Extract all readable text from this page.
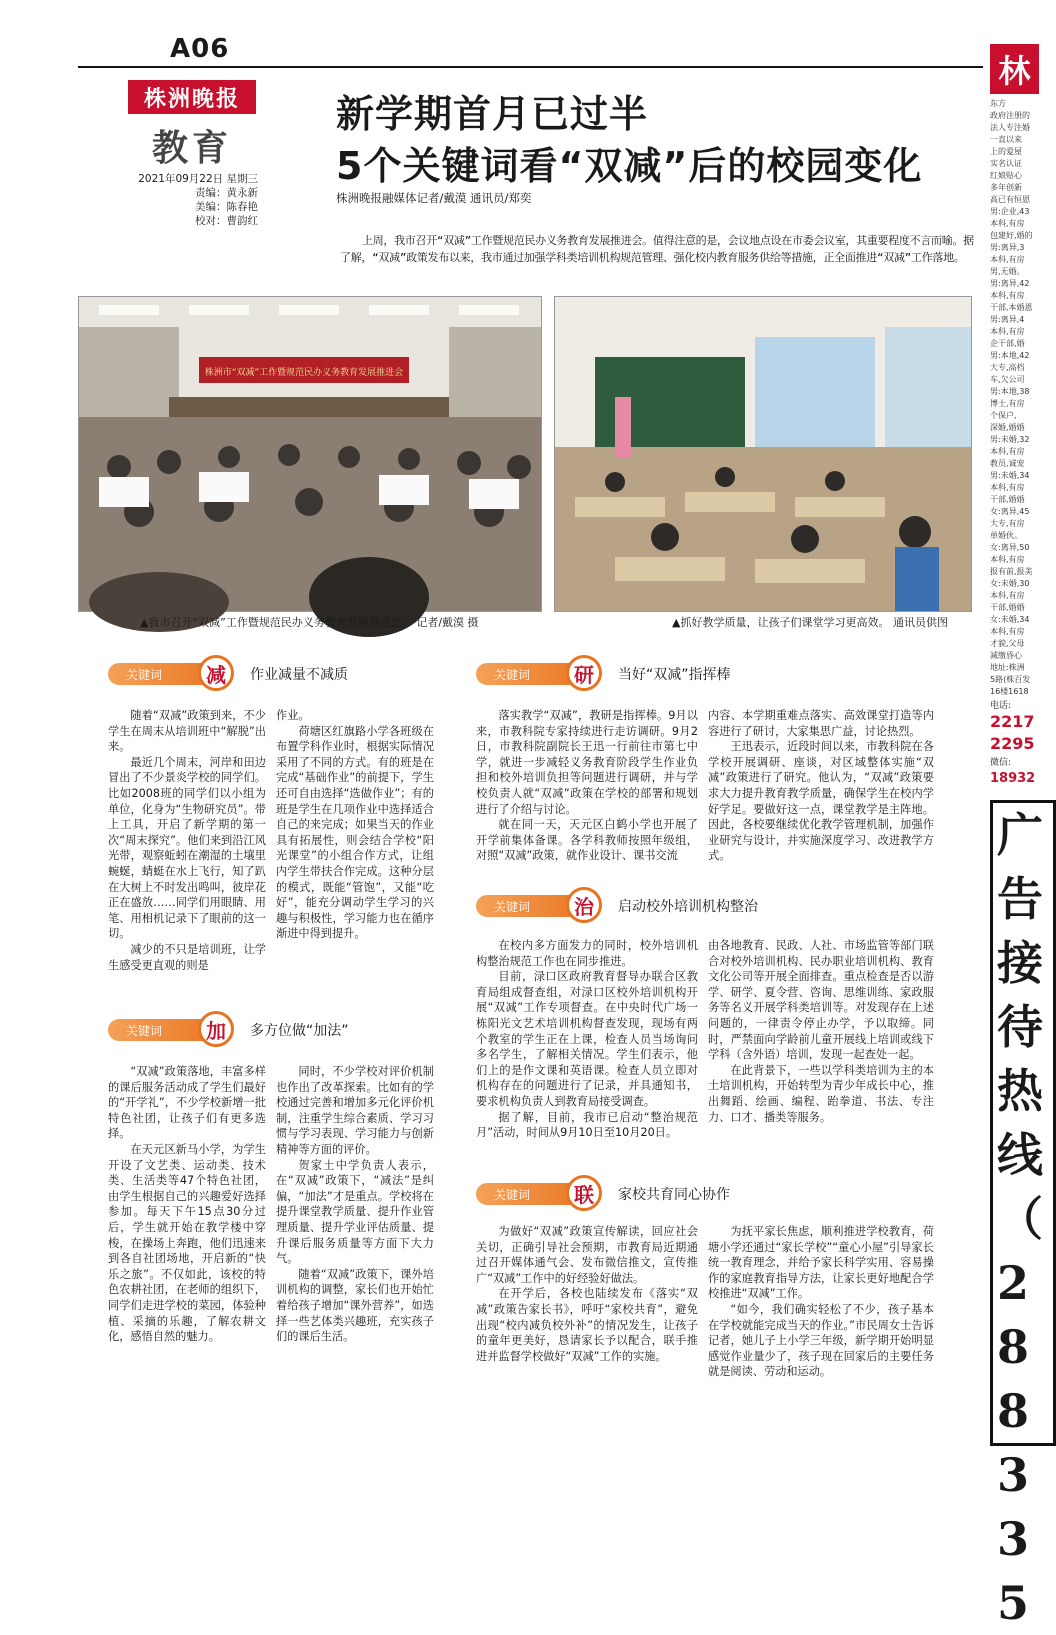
A06
株洲晚报
教育
2021年09月22日 星期三
责编：黄永新
美编：陈春艳
校对：曹韵红
新学期首月已过半
5个关键词看“双减”后的校园变化
株洲晚报融媒体记者/戴漠 通讯员/郑奕
上周，我市召开“双减”工作暨规范民办义务教育发展推进会。值得注意的是，会议地点设在市委会议室，其重要程度不言而喻。据了解，“双减”政策发布以来，我市通过加强学科类培训机构规范管理、强化校内教育服务供给等措施，正全面推进“双减”工作落地。
株洲市“双减”工作暨规范民办义务教育发展推进会
▲我市召开“双减”工作暨规范民办义务教育发展推进会。 记者/戴漠 摄	▲抓好教学质量，让孩子们课堂学习更高效。 通讯员供图
关键词	减	作业减量不减质

随着“双减”政策到来，不少学生在周末从培训班中“解脱”出来。

最近几个周末，河岸和田边冒出了不少景炎学校的同学们。比如2008班的同学们以小组为单位，化身为“生物研究员”。带上工具，开启了新学期的第一次“周末探究”。他们来到沿江风光带，观察蚯蚓在潮湿的土壤里蜿蜒，蜻蜓在水上飞行，知了趴在大树上不时发出鸣叫，彼岸花正在盛放……同学们用眼睛、用笔、用相机记录下了眼前的这一切。

减少的不只是培训班，让学生感受更直观的则是

作业。

荷塘区红旗路小学各班级在布置学科作业时，根据实际情况采用了不同的方式。有的班是在完成“基础作业”的前提下，学生还可自由选择“选做作业”；有的班是学生在几项作业中选择适合自己的来完成；如果当天的作业具有拓展性，则会结合学校“阳光课堂”的小组合作方式，让组内学生带扶合作完成。这种分层的模式，既能“管饱”，又能“吃好”，能充分调动学生学习的兴趣与积极性，学习能力也在循序渐进中得到提升。

关键词	加	多方位做“加法”

“双减”政策落地，丰富多样的课后服务活动成了学生们最好的“开学礼”，不少学校新增一批特色社团，让孩子们有更多选择。

在天元区新马小学，为学生开设了文艺类、运动类、技术类、生活类等47个特色社团，由学生根据自己的兴趣爱好选择参加。每天下午15点30分过后，学生就开始在教学楼中穿梭，在操场上奔跑，他们迅速来到各自社团场地，开启新的“快乐之旅”。不仅如此，该校的特色农耕社团，在老师的组织下，同学们走进学校的菜园，体验种植、采摘的乐趣，了解农耕文化，感悟自然的魅力。

同时，不少学校对评价机制也作出了改革探索。比如有的学校通过完善和增加多元化评价机制，注重学生综合素质、学习习惯与学习表现、学习能力与创新精神等方面的评价。

贺家土中学负责人表示，在“双减”政策下，“减法”是纠偏，“加法”才是重点。学校将在提升课堂教学质量、提升作业管理质量、提升学业评估质量、提升课后服务质量等方面下大力气。

随着“双减”政策下，课外培训机构的调整，家长们也开始忙着给孩子增加“课外营养”，如选择一些艺体类兴趣班，充实孩子们的课后生活。

关键词	研	当好“双减”指挥棒

落实教学“双减”，教研是指挥棒。9月以来，市教科院专家持续进行走访调研。9月2日，市教科院副院长王迅一行前往市第七中学，就进一步减轻义务教育阶段学生作业负担和校外培训负担等问题进行调研，并与学校负责人就“双减”政策在学校的部署和规划进行了介绍与讨论。

就在同一天，天元区白鹤小学也开展了开学前集体备课。各学科教师按照年级组，对照“双减”政策，就作业设计、课书交流

内容、本学期重难点落实、高效课堂打造等内容进行了研讨，大家集思广益，讨论热烈。

王迅表示，近段时间以来，市教科院在各学校开展调研、座谈，对区域整体实施“双减”政策进行了研究。他认为，“双减”政策要求大力提升教育教学质量，确保学生在校内学好学足。要做好这一点，课堂教学是主阵地。因此，各校要继续优化教学管理机制，加强作业研究与设计，并实施深度学习、改进教学方式。

关键词	治	启动校外培训机构整治

在校内多方面发力的同时，校外培训机构整治规范工作也在同步推进。

目前，渌口区政府教育督导办联合区教育局组成督查组，对渌口区校外培训机构开展“双减”工作专项督查。在中央时代广场一栋阳光文艺术培训机构督查发现，现场有两个教室的学生正在上课，检查人员当场询问多名学生，了解相关情况。学生们表示，他们上的是作文课和英语课。检查人员立即对机构存在的问题进行了记录，并具通知书，要求机构负责人到教育局接受调查。

据了解，目前，我市已启动“整治规范月”活动，时间从9月10日至10月20日。

由各地教育、民政、人社、市场监管等部门联合对校外培训机构、民办职业培训机构、教育文化公司等开展全面排查。重点检查是否以游学、研学、夏令营、咨询、思维训练、家政服务等名义开展学科类培训等。对发现存在上述问题的，一律责令停止办学，予以取缔。同时，严禁面向学龄前儿童开展线上培训或线下学科（含外语）培训，发现一起查处一起。

在此背景下，一些以学科类培训为主的本土培训机构，开始转型为青少年成长中心，推出舞蹈、绘画、编程、跆拳道、书法、专注力、口才、播类等服务。

关键词	联	家校共育同心协作

为做好“双减”政策宣传解读，回应社会关切，正确引导社会预期，市教育局近期通过召开媒体通气会、发布微信推文，宣传推广“双减”工作中的好经验好做法。

在开学后，各校也陆续发布《落实“双减”政策告家长书》，呼吁“家校共育”，避免出现“校内减负校外补”的情况发生，让孩子的童年更美好，恳请家长予以配合，联手推进并监督学校做好“双减”工作的实施。

为抚平家长焦虑，顺利推进学校教育，荷塘小学还通过“家长学校”“童心小屋”引导家长统一教育理念，并给予家长科学实用、容易操作的家庭教育指导方法，让家长更好地配合学校推进“双减”工作。

“如今，我们确实轻松了不少，孩子基本在学校就能完成当天的作业。”市民周女士告诉记者，她儿子上小学三年级，新学期开始明显感觉作业量少了，孩子现在回家后的主要任务就是阅读、劳动和运动。

林
东方
政府注册的
法人专注婚
一直以来
上的爱屋
实名认证
红娘贴心
多年创新
高已有恒恩
男:企业,43
本科,有房
包建好,婚的
男:离异,3
本科,有房
男,无婚。
男:离异,42
本科,有房
干部,本婚恩
男:离异,4
本科,有房
企干部,婚
男:本地,42
大专,高档
车,欠公司
男:本地,38
博士,有房
个保户,
深婚,婚婚
男:未婚,32
本科,有房
教员,诚宠
男:未婚,34
本科,有房
干部,婚婚
女:离异,45
大专,有房
单婚伙。
女:离异,50
本科,有房
报有前,报美
女:未婚,30
本科,有房
干部,婚婚
女:未婚,34
本科,有房
才貌,父母
减缴昏心
地址:株洲
5路(株百发
16楼1618
电话:
2217
2295
微信:
18932
广
告
接
待
热
线
（
2
8
8
3
3
5
